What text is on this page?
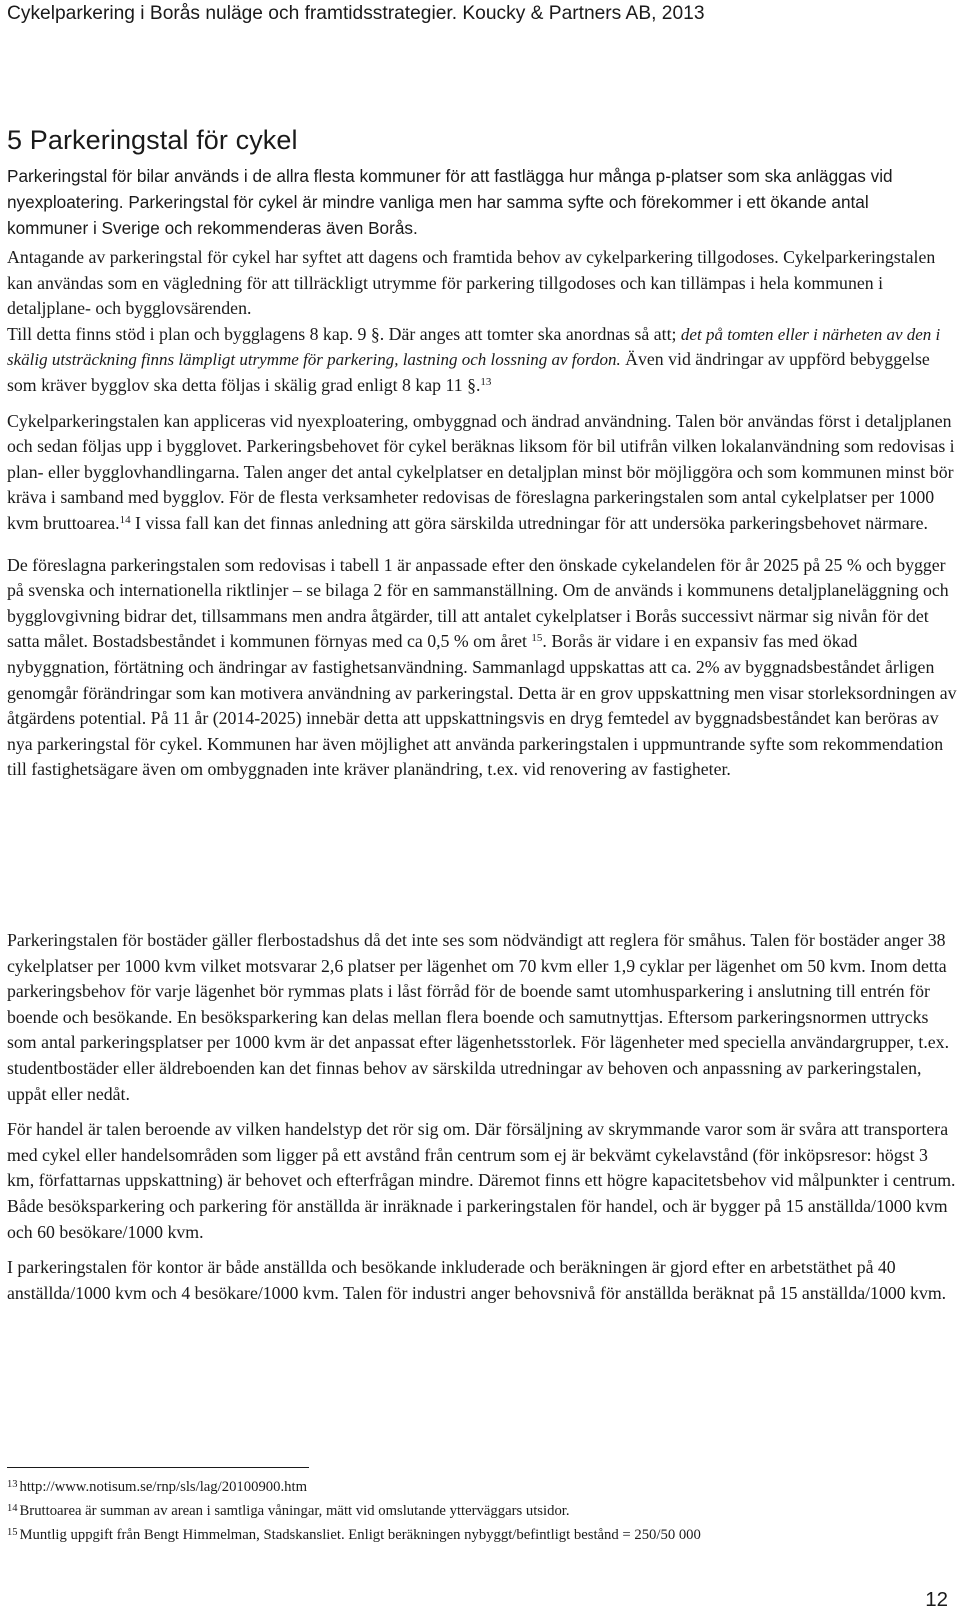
Cykelparkering i Borås nuläge och framtidsstrategier. Koucky & Partners AB, 2013
5 Parkeringstal för cykel

Parkeringstal för bilar används i de allra flesta kommuner för att fastlägga hur många p-platser som ska anläggas vid nyexploatering. Parkeringstal för cykel är mindre vanliga men har samma syfte och förekommer i ett ökande antal kommuner i Sverige och rekommenderas även Borås.

Antagande av parkeringstal för cykel har syftet att dagens och framtida behov av cykelparkering tillgodoses. Cykelparkeringstalen kan användas som en vägledning för att tillräckligt utrymme för parkering tillgodoses och kan tillämpas i hela kommunen i detaljplane- och bygglovsärenden.

Till detta finns stöd i plan och bygglagens 8 kap. 9 §. Där anges att tomter ska anordnas så att; det på tomten eller i närheten av den i skälig utsträckning finns lämpligt utrymme för parkering, lastning och lossning av fordon. Även vid ändringar av uppförd bebyggelse som kräver bygglov ska detta följas i skälig grad enligt 8 kap 11 §.$^{13}$

Cykelparkeringstalen kan appliceras vid nyexploatering, ombyggnad och ändrad användning. Talen bör användas först i detaljplanen och sedan följas upp i bygglovet. Parkeringsbehovet för cykel beräknas liksom för bil utifrån vilken lokalanvändning som redovisas i plan- eller bygglovhandlingarna. Talen anger det antal cykelplatser en detaljplan minst bör möjliggöra och som kommunen minst bör kräva i samband med bygglov. För de flesta verksamheter redovisas de föreslagna parkeringstalen som antal cykelplatser per 1000 kvm bruttoarea.$^{14}$ I vissa fall kan det finnas anledning att göra särskilda utredningar för att undersöka parkeringsbehovet närmare.

De föreslagna parkeringstalen som redovisas i tabell 1 är anpassade efter den önskade cykelandelen för år 2025 på 25 % och bygger på svenska och internationella riktlinjer – se bilaga 2 för en sammanställning. Om de används i kommunens detaljplaneläggning och bygglovgivning bidrar det, tillsammans men andra åtgärder, till att antalet cykelplatser i Borås successivt närmar sig nivån för det satta målet. Bostadsbeståndet i kommunen förnyas med ca 0,5 % om året $^{15}$. Borås är vidare i en expansiv fas med ökad nybyggnation, förtätning och ändringar av fastighetsanvändning. Sammanlagd uppskattas att ca. 2% av byggnadsbeståndet årligen genomgår förändringar som kan motivera användning av parkeringstal. Detta är en grov uppskattning men visar storleksordningen av åtgärdens potential. På 11 år (2014-2025) innebär detta att uppskattningsvis en dryg femtedel av byggnadsbeståndet kan beröras av nya parkeringstal för cykel. Kommunen har även möjlighet att använda parkeringstalen i uppmuntrande syfte som rekommendation till fastighetsägare även om ombyggnaden inte kräver planändring, t.ex. vid renovering av fastigheter.

Parkeringstalen för bostäder gäller flerbostadshus då det inte ses som nödvändigt att reglera för småhus. Talen för bostäder anger 38 cykelplatser per 1000 kvm vilket motsvarar 2,6 platser per lägenhet om 70 kvm eller 1,9 cyklar per lägenhet om 50 kvm. Inom detta parkeringsbehov för varje lägenhet bör rymmas plats i låst förråd för de boende samt utomhusparkering i anslutning till entrén för boende och besökande. En besöksparkering kan delas mellan flera boende och samutnyttjas. Eftersom parkeringsnormen uttrycks som antal parkeringsplatser per 1000 kvm är det anpassat efter lägenhetsstorlek. För lägenheter med speciella användargrupper, t.ex. studentbostäder eller äldreboenden kan det finnas behov av särskilda utredningar av behoven och anpassning av parkeringstalen, uppåt eller nedåt.

För handel är talen beroende av vilken handelstyp det rör sig om. Där försäljning av skrymmande varor som är svåra att transportera med cykel eller handelsområden som ligger på ett avstånd från centrum som ej är bekvämt cykelavstånd (för inköpsresor: högst 3 km, författarnas uppskattning) är behovet och efterfrågan mindre. Däremot finns ett högre kapacitetsbehov vid målpunkter i centrum. Både besöksparkering och parkering för anställda är inräknade i parkeringstalen för handel, och är bygger på 15 anställda/1000 kvm och 60 besökare/1000 kvm.

I parkeringstalen för kontor är både anställda och besökande inkluderade och beräkningen är gjord efter en arbetstäthet på 40 anställda/1000 kvm och 4 besökare/1000 kvm. Talen för industri anger behovsnivå för anställda beräknat på 15 anställda/1000 kvm.

$^{13}$ http://www.notisum.se/rnp/sls/lag/20100900.htm
$^{14}$ Bruttoarea är summan av arean i samtliga våningar, mätt vid omslutande ytterväggars utsidor.
$^{15}$ Muntlig uppgift från Bengt Himmelman, Stadskansliet. Enligt beräkningen nybyggt/befintligt bestånd = 250/50 000
12
